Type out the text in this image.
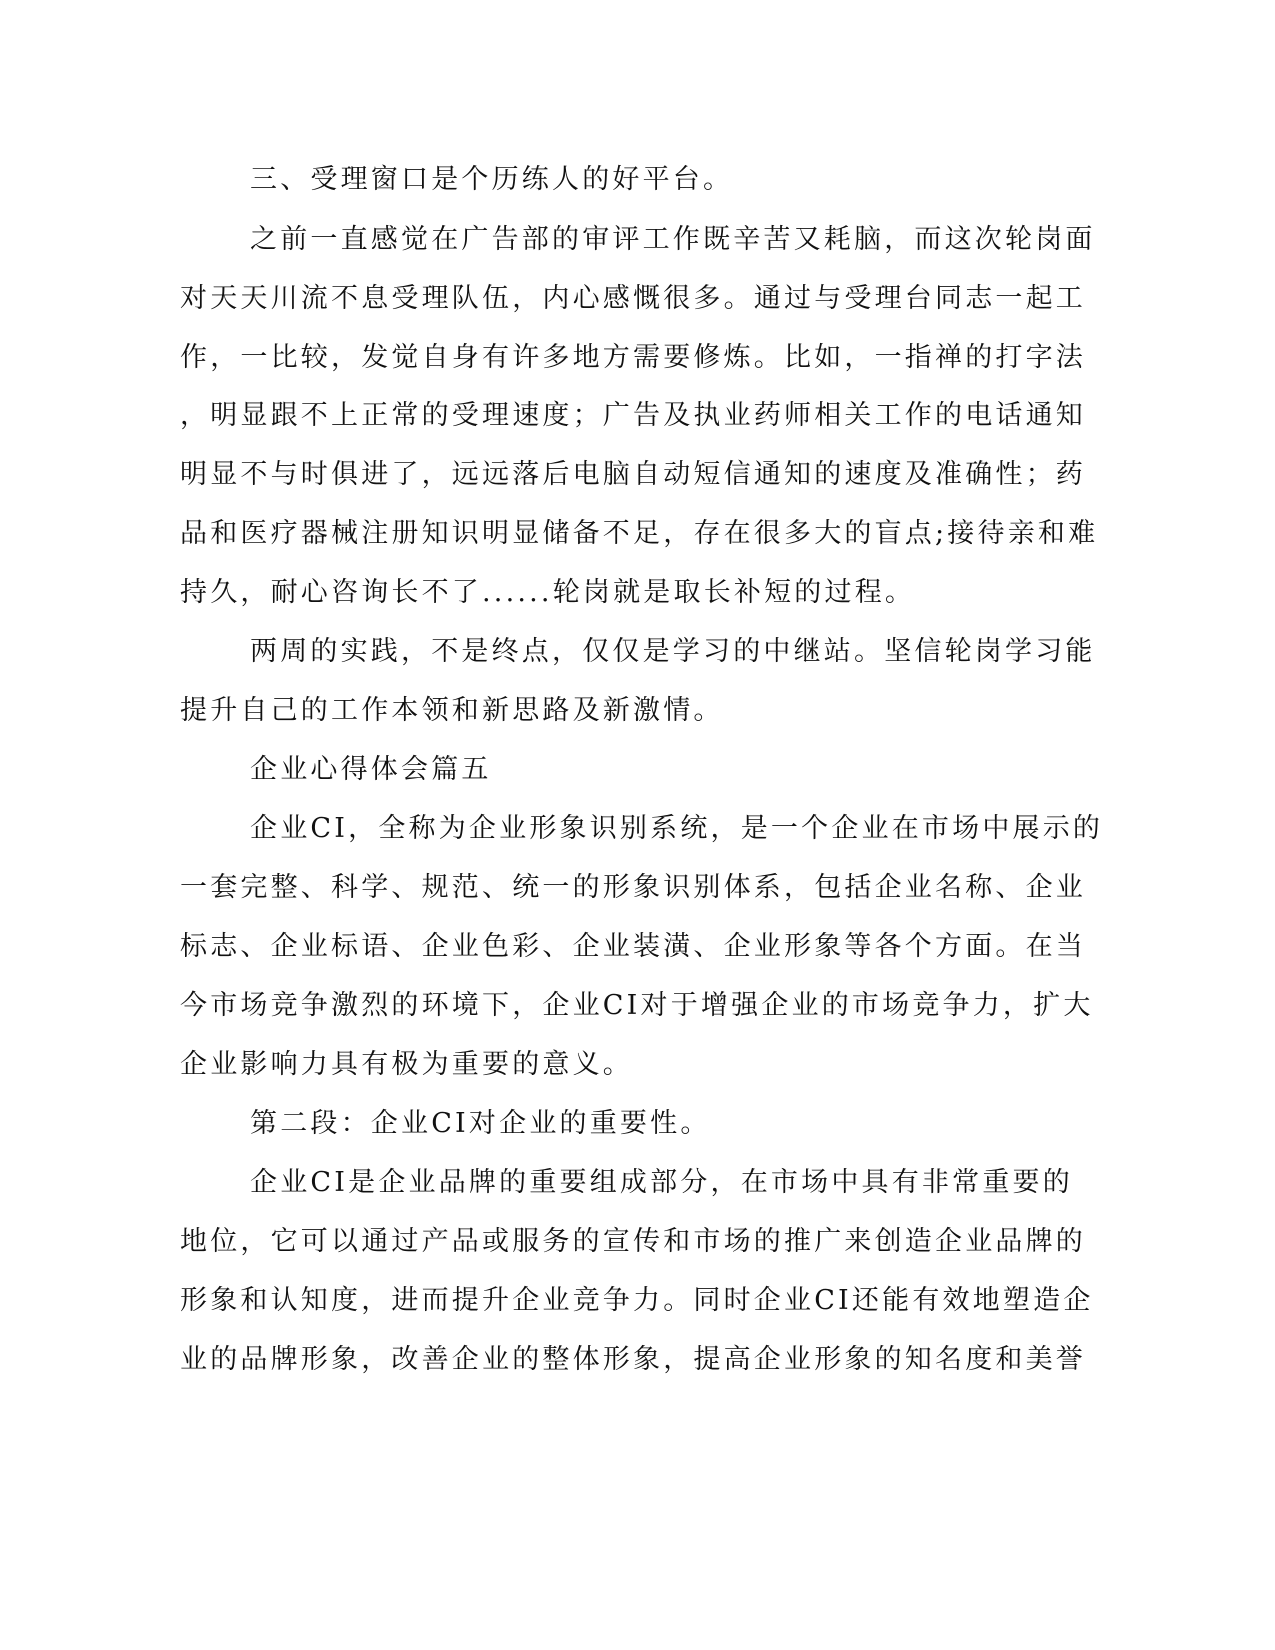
三、受理窗口是个历练人的好平台。
之前一直感觉在广告部的审评工作既辛苦又耗脑，而这次轮岗面
对天天川流不息受理队伍，内心感慨很多。通过与受理台同志一起工
作，一比较，发觉自身有许多地方需要修炼。比如，一指禅的打字法
，明显跟不上正常的受理速度；广告及执业药师相关工作的电话通知
明显不与时俱进了，远远落后电脑自动短信通知的速度及准确性；药
品和医疗器械注册知识明显储备不足，存在很多大的盲点;接待亲和难
持久，耐心咨询长不了......轮岗就是取长补短的过程。
两周的实践，不是终点，仅仅是学习的中继站。坚信轮岗学习能
提升自己的工作本领和新思路及新激情。
企业心得体会篇五
企业CI，全称为企业形象识别系统，是一个企业在市场中展示的
一套完整、科学、规范、统一的形象识别体系，包括企业名称、企业
标志、企业标语、企业色彩、企业装潢、企业形象等各个方面。在当
今市场竞争激烈的环境下，企业CI对于增强企业的市场竞争力，扩大
企业影响力具有极为重要的意义。
第二段：企业CI对企业的重要性。
企业CI是企业品牌的重要组成部分，在市场中具有非常重要的
地位，它可以通过产品或服务的宣传和市场的推广来创造企业品牌的
形象和认知度，进而提升企业竞争力。同时企业CI还能有效地塑造企
业的品牌形象，改善企业的整体形象，提高企业形象的知名度和美誉
